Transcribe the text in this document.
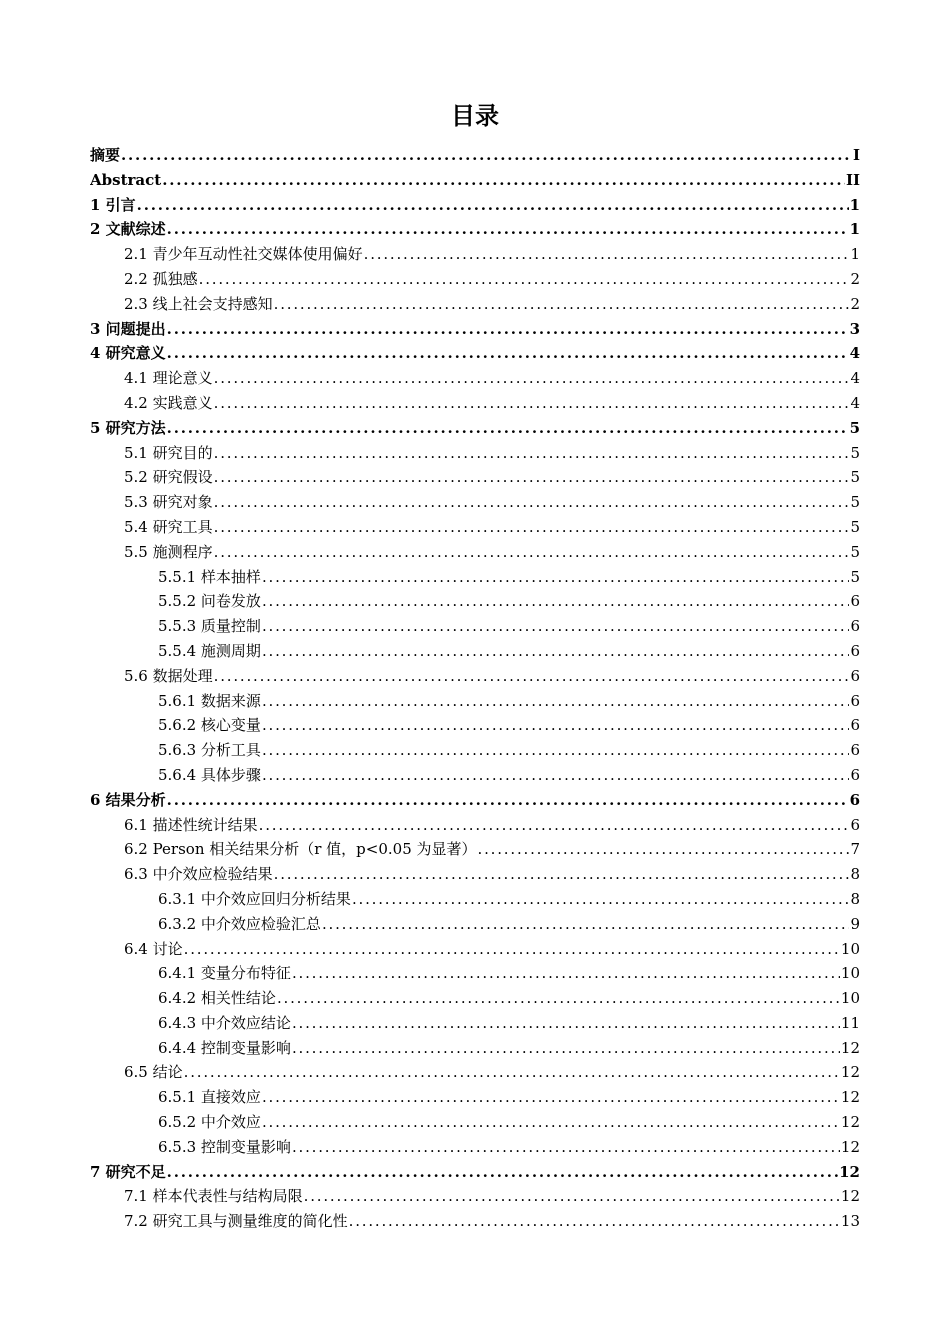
目录
摘要 .....	I
Abstract .....	II
1 引言 .....	1
2 文献综述 .....	1
2.1 青少年互动性社交媒体使用偏好 .....	1
2.2 孤独感 .....	2
2.3 线上社会支持感知 .....	2
3 问题提出 .....	3
4 研究意义 .....	4
4.1 理论意义 .....	4
4.2 实践意义 .....	4
5 研究方法 .....	5
5.1 研究目的 .....	5
5.2 研究假设 .....	5
5.3 研究对象 .....	5
5.4 研究工具 .....	5
5.5 施测程序 .....	5
5.5.1 样本抽样 .....	5
5.5.2 问卷发放 .....	6
5.5.3 质量控制 .....	6
5.5.4 施测周期 .....	6
5.6 数据处理 .....	6
5.6.1 数据来源 .....	6
5.6.2 核心变量 .....	6
5.6.3 分析工具 .....	6
5.6.4 具体步骤 .....	6
6 结果分析 .....	6
6.1 描述性统计结果 .....	6
6.2 Person 相关结果分析（r 值，p<0.05 为显著） .....	7
6.3 中介效应检验结果 .....	8
6.3.1 中介效应回归分析结果 .....	8
6.3.2 中介效应检验汇总 .....	9
6.4 讨论 .....	10
6.4.1 变量分布特征 .....	10
6.4.2 相关性结论 .....	10
6.4.3 中介效应结论 .....	11
6.4.4 控制变量影响 .....	12
6.5 结论 .....	12
6.5.1 直接效应 .....	12
6.5.2 中介效应 .....	12
6.5.3 控制变量影响 .....	12
7 研究不足 .....	12
7.1 样本代表性与结构局限 .....	12
7.2 研究工具与测量维度的简化性 .....	13
